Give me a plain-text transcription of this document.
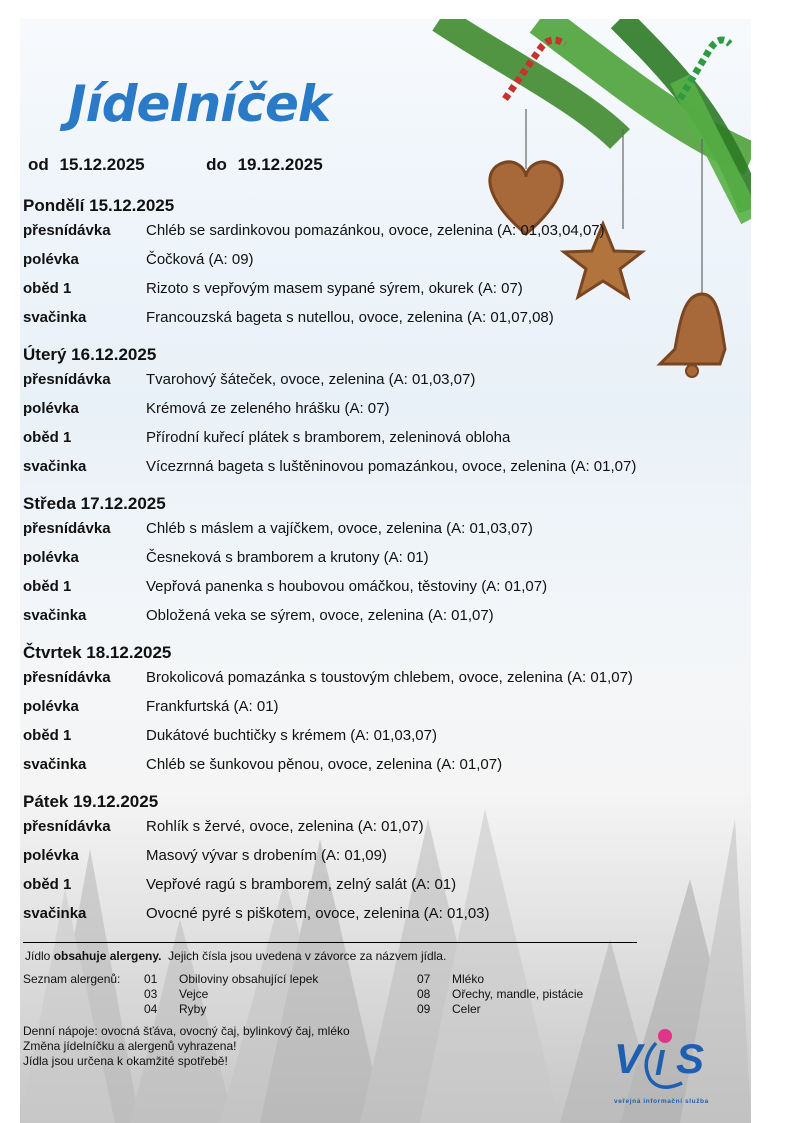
Jídelníček
od 15.12.2025	do 19.12.2025
Pondělí 15.12.2025
přesnídávka	Chléb se sardinkovou pomazánkou, ovoce, zelenina (A: 01,03,04,07)
polévka	Čočková (A: 09)
oběd 1	Rizoto s vepřovým masem sypané sýrem, okurek (A: 07)
svačinka	Francouzská bageta s nutellou, ovoce, zelenina (A: 01,07,08)
Úterý 16.12.2025
přesnídávka	Tvarohový šáteček, ovoce, zelenina (A: 01,03,07)
polévka	Krémová ze zeleného hrášku (A: 07)
oběd 1	Přírodní kuřecí plátek s bramborem, zeleninová obloha
svačinka	Vícezrnná bageta s luštěninovou pomazánkou, ovoce, zelenina (A: 01,07)
Středa 17.12.2025
přesnídávka	Chléb s máslem a vajíčkem, ovoce, zelenina (A: 01,03,07)
polévka	Česneková s bramborem a krutony (A: 01)
oběd 1	Vepřová panenka s houbovou omáčkou, těstoviny (A: 01,07)
svačinka	Obložená veka se sýrem, ovoce, zelenina (A: 01,07)
Čtvrtek 18.12.2025
přesnídávka	Brokolicová pomazánka s toustovým chlebem, ovoce, zelenina (A: 01,07)
polévka	Frankfurtská (A: 01)
oběd 1	Dukátové buchtičky s krémem (A: 01,03,07)
svačinka	Chléb se šunkovou pěnou, ovoce, zelenina (A: 01,07)
Pátek 19.12.2025
přesnídávka	Rohlík s žervé, ovoce, zelenina (A: 01,07)
polévka	Masový vývar s drobením (A: 01,09)
oběd 1	Vepřové ragú s bramborem, zelný salát (A: 01)
svačinka	Ovocné pyré s piškotem, ovoce, zelenina (A: 01,03)
Jídlo obsahuje alergeny.  Jejich čísla jsou uvedena v závorce za názvem jídla.
Seznam alergenů: 01	Obiloviny obsahující lepek
03	Vejce
04	Ryby
07	Mléko
08	Ořechy, mandle, pistácie
09	Celer
Denní nápoje: ovocná šťáva, ovocný čaj, bylinkový čaj, mléko
Změna jídelníčku a alergenů vyhrazena!
Jídla jsou určena k okamžité spotřebě!	V l S
veřejná informační služba
